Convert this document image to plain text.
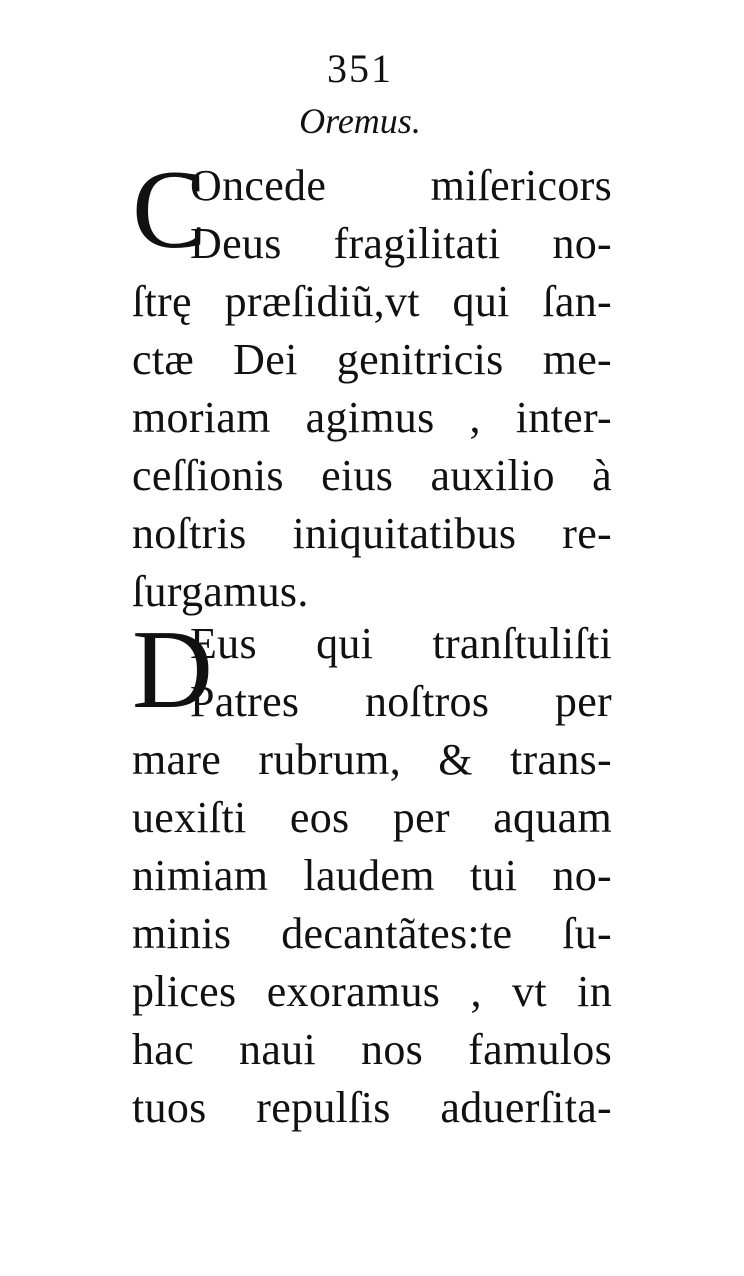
351
Oremus.
C
Oncede miſericors
Deus fragilitati no-
ſtrę præſidiũ,vt qui ſan-
ctæ Dei genitricis me-
moriam agimus , inter-
ceſſionis eius auxilio à
noſtris iniquitatibus re-
ſurgamus.
D
Eus qui tranſtuliſti
Patres noſtros per
mare rubrum, & trans-
uexiſti eos per aquam
nimiam laudem tui no-
minis decantãtes:te ſu-
plices exoramus , vt in
hac naui nos famulos
tuos repulſis aduerſita-
